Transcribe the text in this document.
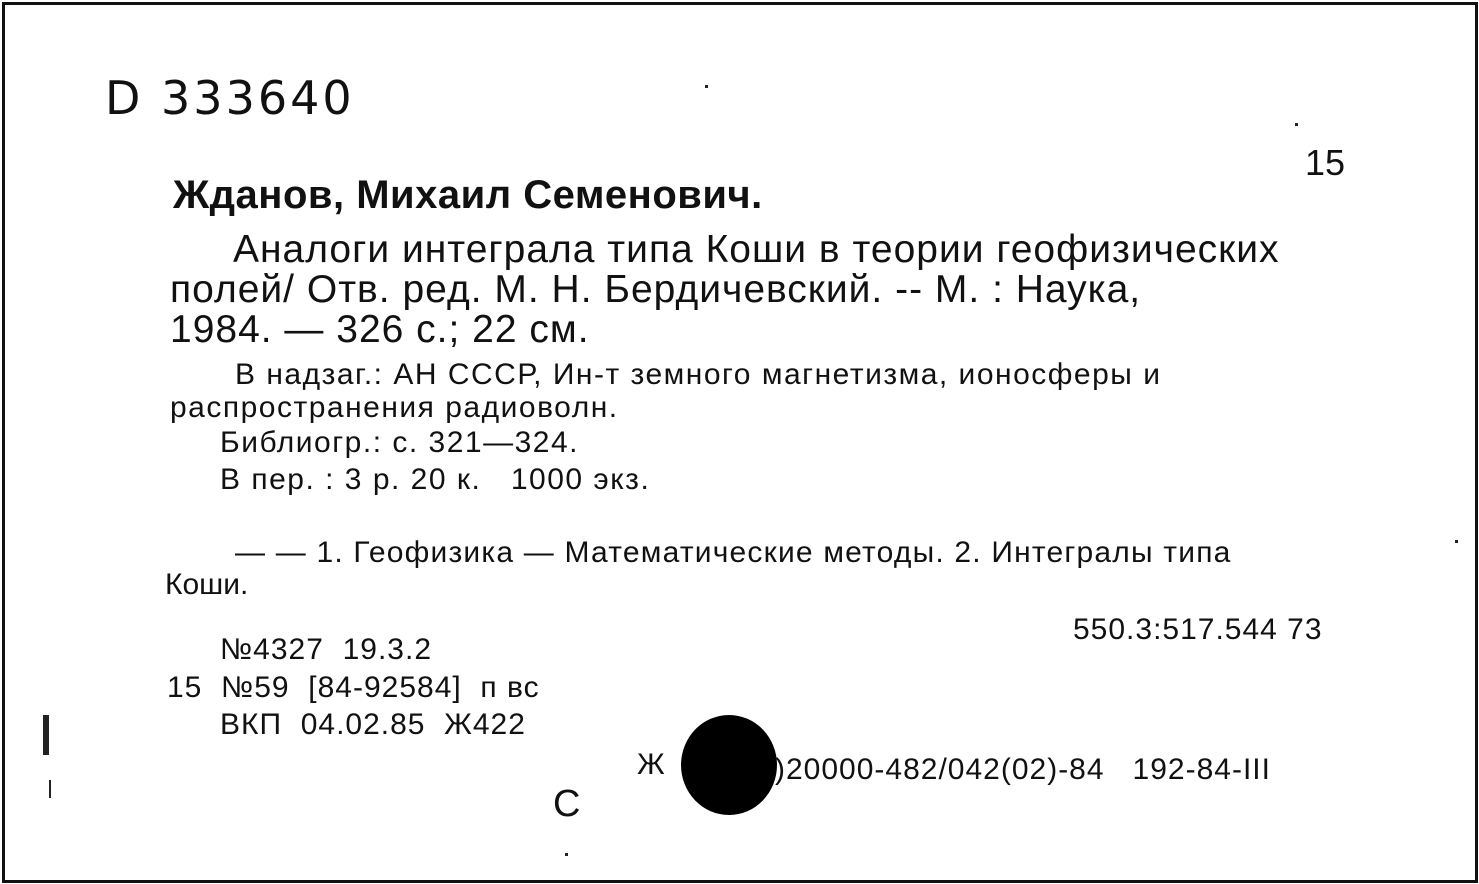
D 333640
15
Жданов, Михаил Семенович.
Аналоги интеграла типа Коши в теории геофизических
полей/ Отв. ред. М. Н. Бердичевский. -- М. : Наука,
1984. — 326 с.; 22 см.
В надзаг.: АН СССР, Ин-т земного магнетизма, ионосферы и
распространения радиоволн.
Библиогр.: с. 321—324.
В пер. : 3 р. 20 к.   1000 экз.
— — 1. Геофизика — Математические методы. 2. Интегралы типа
Коши.
550.3:517.544 73
№4327  19.3.2
15  №59  [84-92584]  п вс
ВКП  04.02.85  Ж422
Ж	)20000-482/042(02)-84   192-84-III
С
